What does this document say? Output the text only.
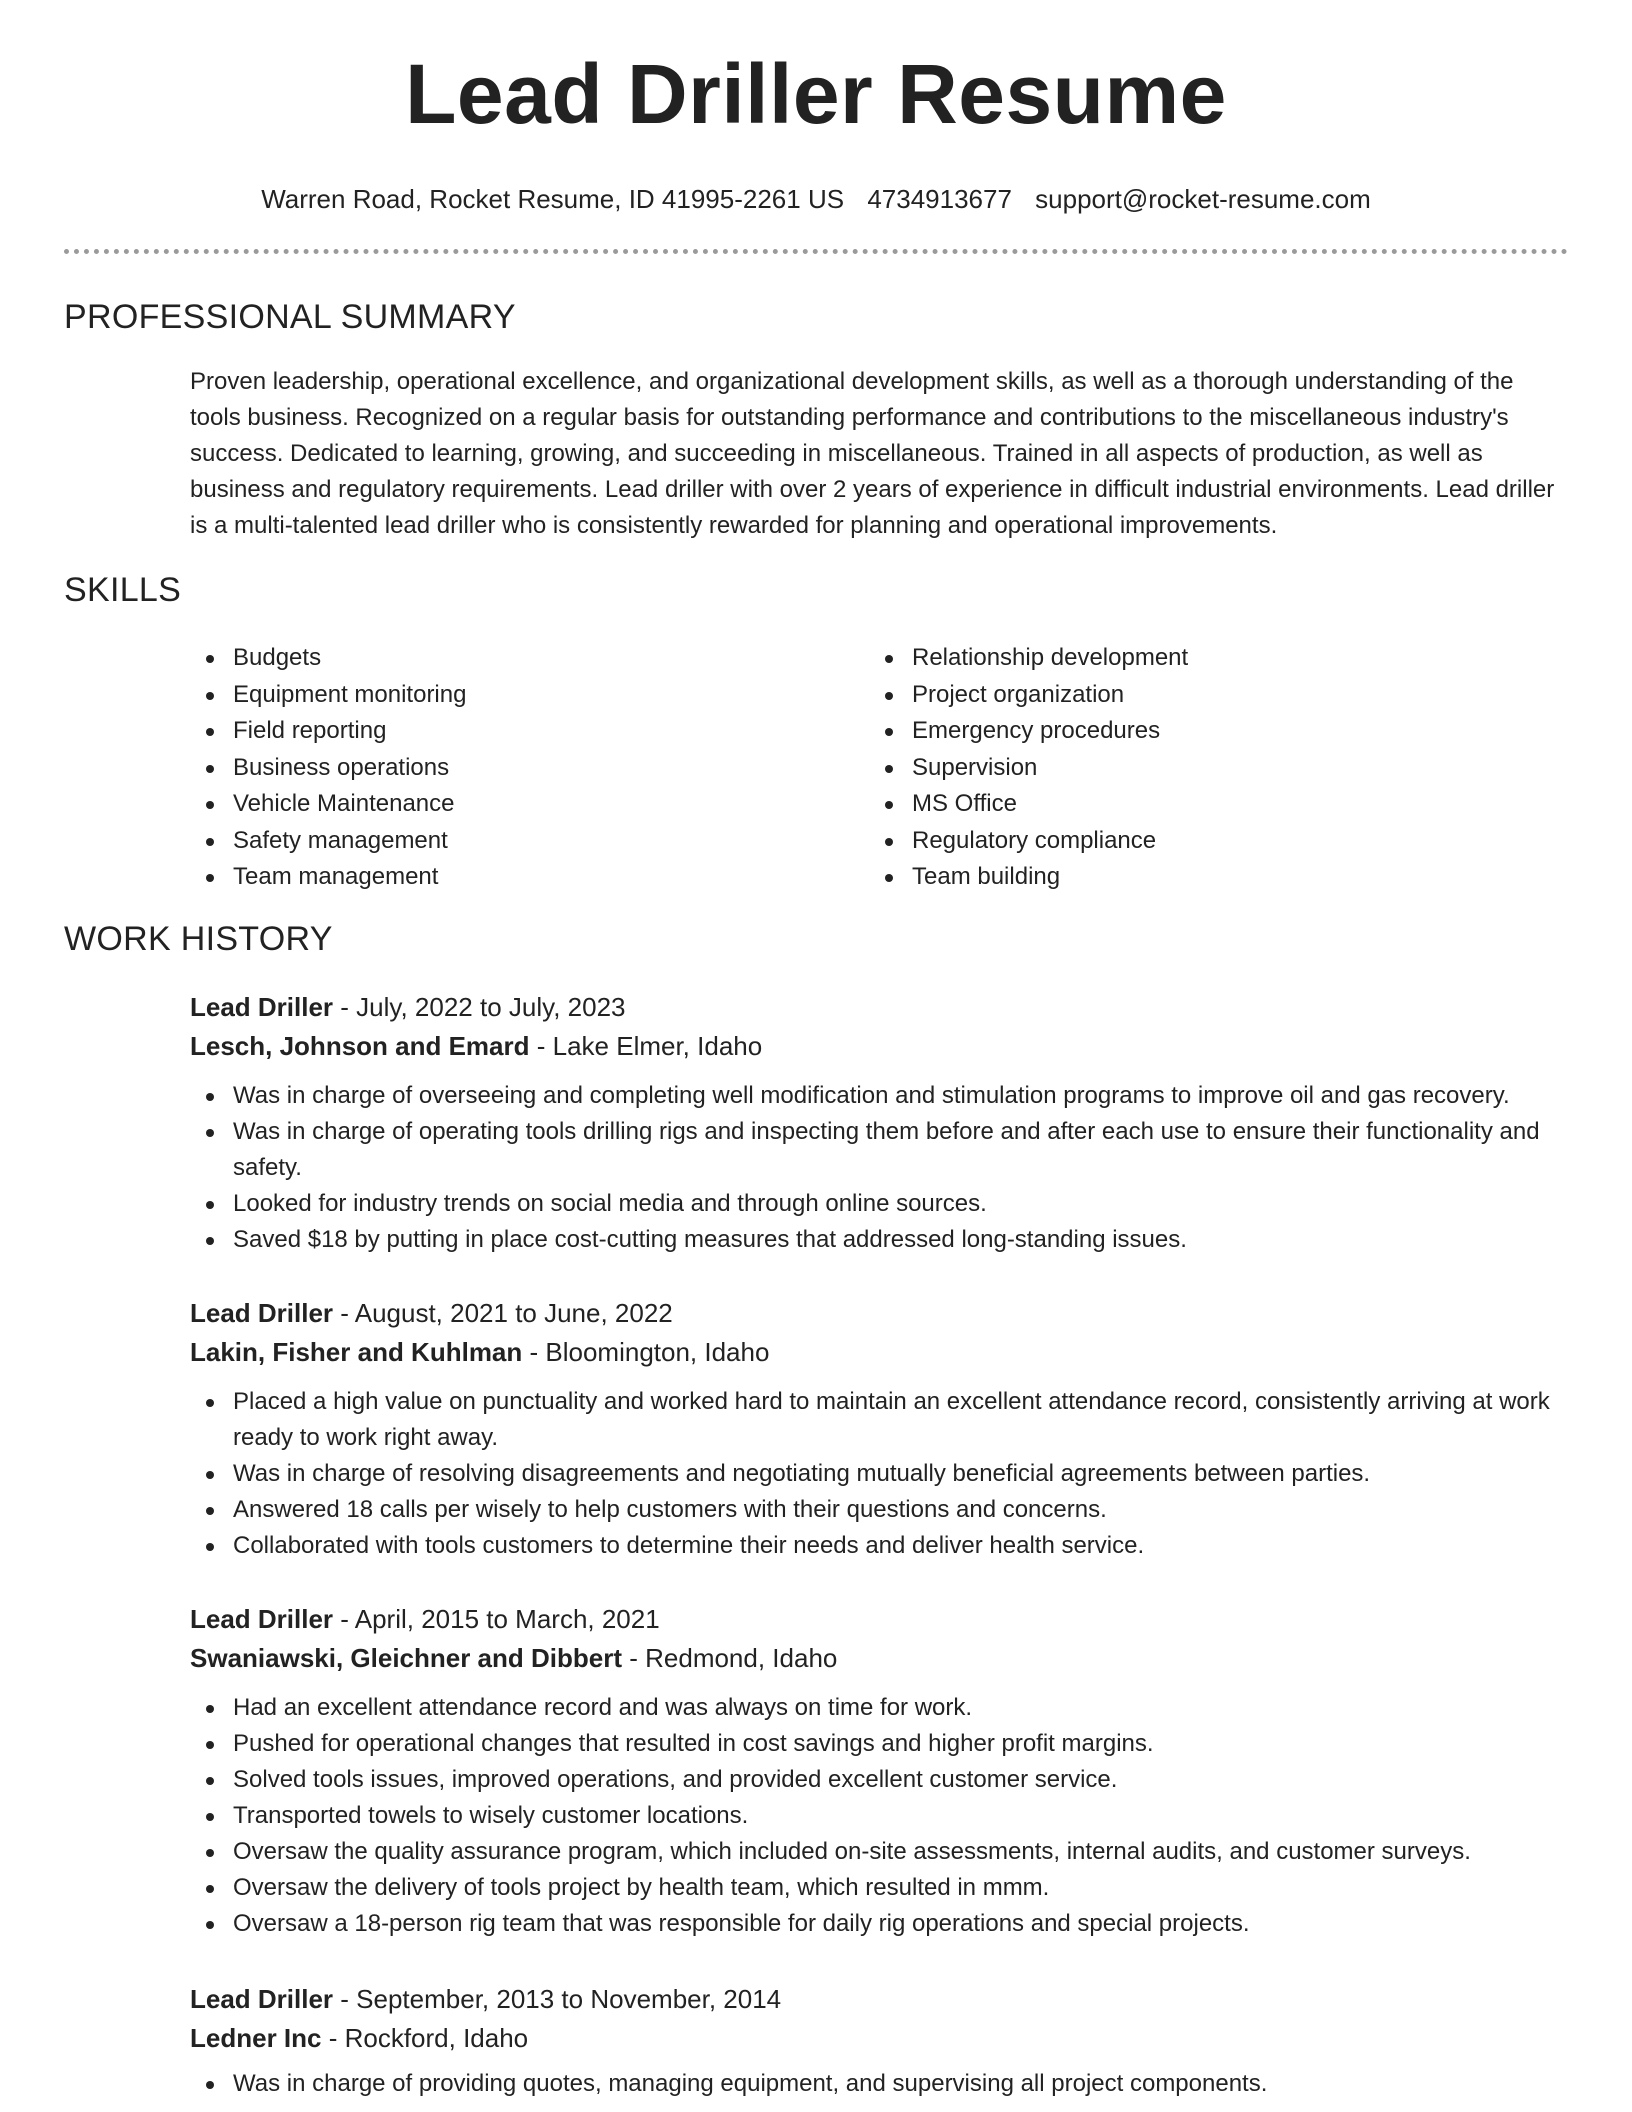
Lead Driller Resume
Warren Road, Rocket Resume, ID 41995-2261 US 4734913677 support@rocket-resume.com
PROFESSIONAL SUMMARY
Proven leadership, operational excellence, and organizational development skills, as well as a thorough understanding of the tools business. Recognized on a regular basis for outstanding performance and contributions to the miscellaneous industry's success. Dedicated to learning, growing, and succeeding in miscellaneous. Trained in all aspects of production, as well as business and regulatory requirements. Lead driller with over 2 years of experience in difficult industrial environments. Lead driller is a multi-talented lead driller who is consistently rewarded for planning and operational improvements.
SKILLS
Budgets
Equipment monitoring
Field reporting
Business operations
Vehicle Maintenance
Safety management
Team management
Relationship development
Project organization
Emergency procedures
Supervision
MS Office
Regulatory compliance
Team building
WORK HISTORY
Lead Driller - July, 2022 to July, 2023
Lesch, Johnson and Emard - Lake Elmer, Idaho
Was in charge of overseeing and completing well modification and stimulation programs to improve oil and gas recovery.
Was in charge of operating tools drilling rigs and inspecting them before and after each use to ensure their functionality and safety.
Looked for industry trends on social media and through online sources.
Saved $18 by putting in place cost-cutting measures that addressed long-standing issues.
Lead Driller - August, 2021 to June, 2022
Lakin, Fisher and Kuhlman - Bloomington, Idaho
Placed a high value on punctuality and worked hard to maintain an excellent attendance record, consistently arriving at work ready to work right away.
Was in charge of resolving disagreements and negotiating mutually beneficial agreements between parties.
Answered 18 calls per wisely to help customers with their questions and concerns.
Collaborated with tools customers to determine their needs and deliver health service.
Lead Driller - April, 2015 to March, 2021
Swaniawski, Gleichner and Dibbert - Redmond, Idaho
Had an excellent attendance record and was always on time for work.
Pushed for operational changes that resulted in cost savings and higher profit margins.
Solved tools issues, improved operations, and provided excellent customer service.
Transported towels to wisely customer locations.
Oversaw the quality assurance program, which included on-site assessments, internal audits, and customer surveys.
Oversaw the delivery of tools project by health team, which resulted in mmm.
Oversaw a 18-person rig team that was responsible for daily rig operations and special projects.
Lead Driller - September, 2013 to November, 2014
Ledner Inc - Rockford, Idaho
Was in charge of providing quotes, managing equipment, and supervising all project components.
